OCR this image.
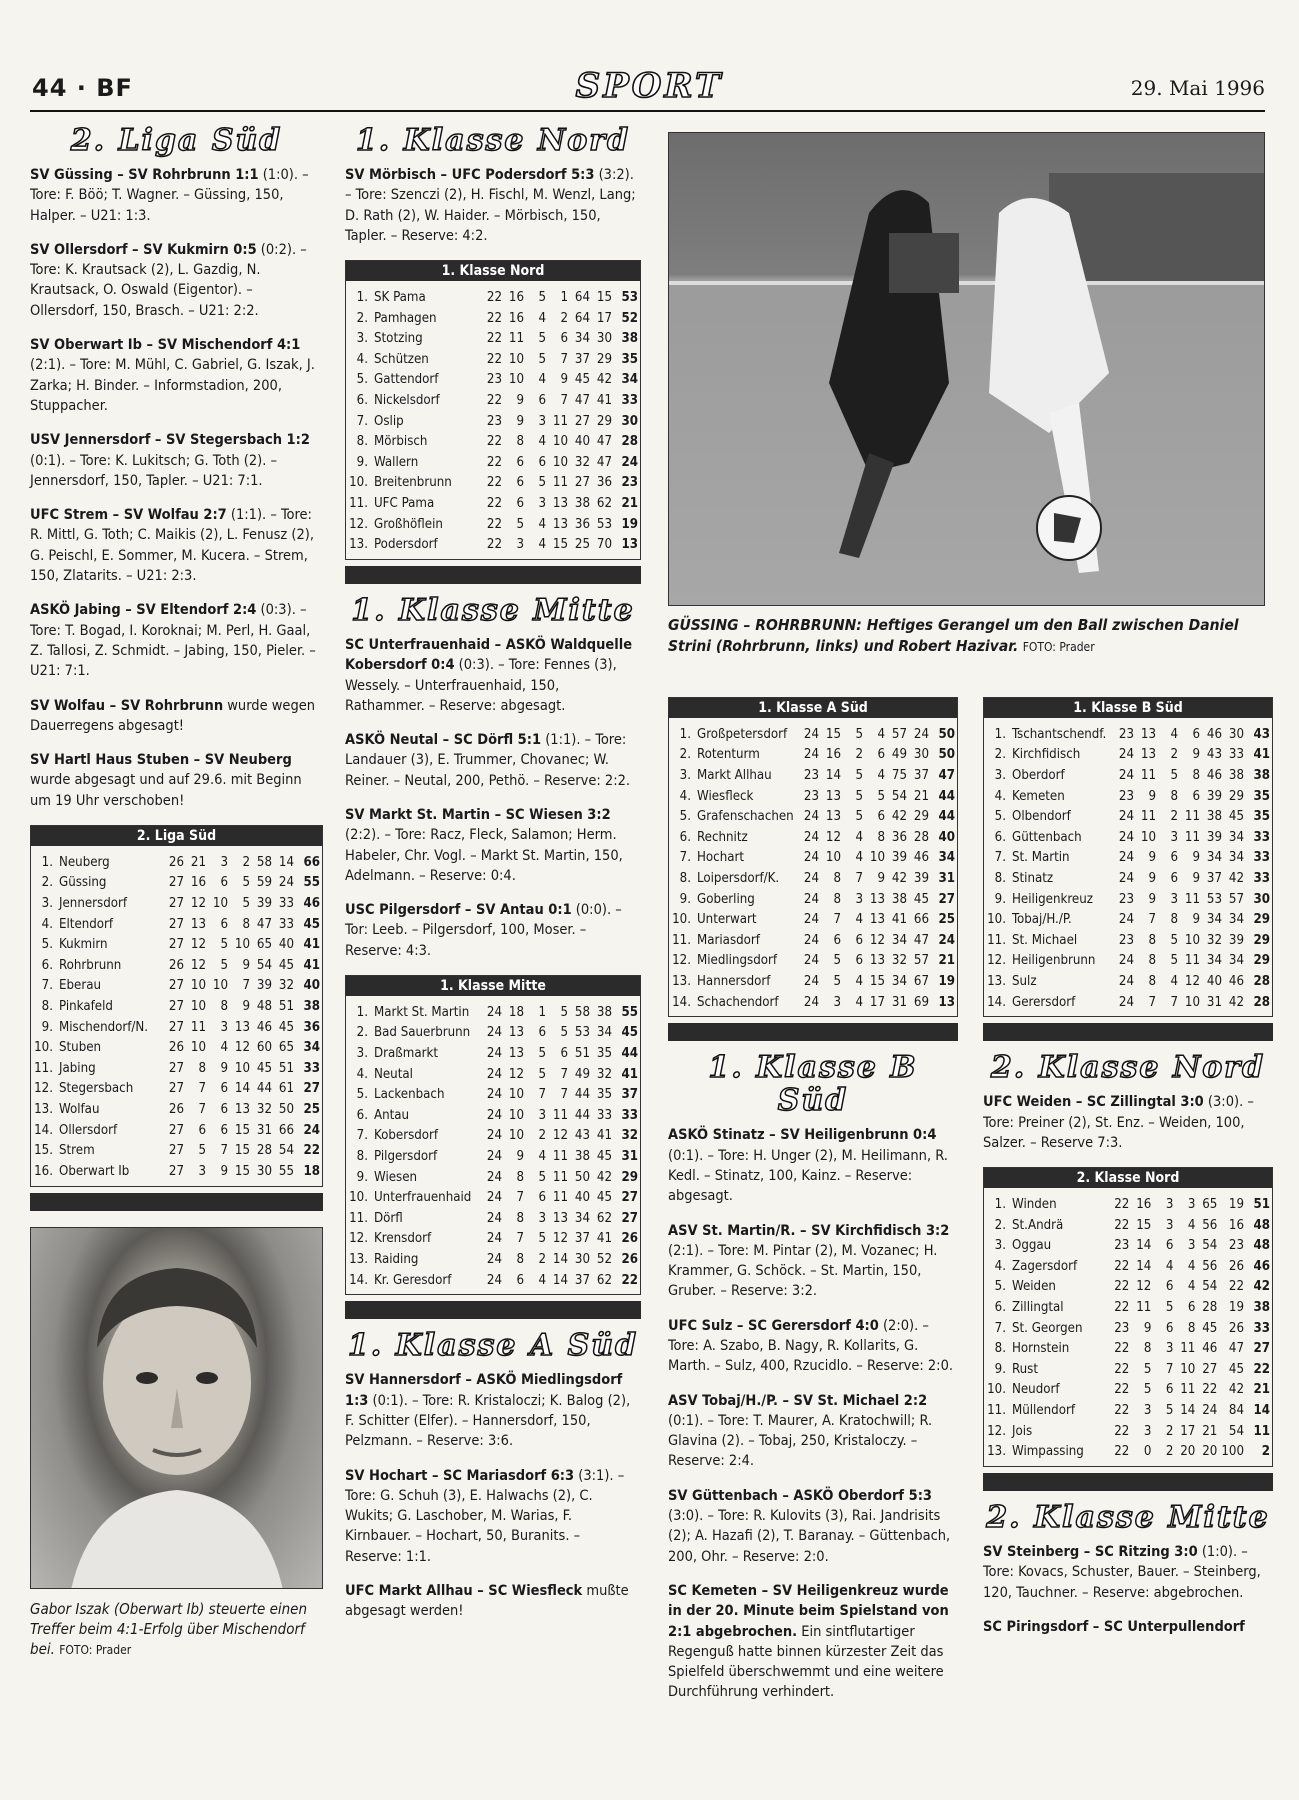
44 · BF	SPORT	29. Mai 1996
2. Liga Süd

SV Güssing – SV Rohrbrunn 1:1 (1:0). – Tore: F. Böö; T. Wagner. – Güssing, 150, Halper. – U21: 1:3.

SV Ollersdorf – SV Kukmirn 0:5 (0:2). – Tore: K. Krautsack (2), L. Gazdig, N. Krautsack, O. Oswald (Eigentor). – Ollersdorf, 150, Brasch. – U21: 2:2.

SV Oberwart Ib – SV Mischendorf 4:1 (2:1). – Tore: M. Mühl, C. Gabriel, G. Iszak, J. Zarka; H. Binder. – Informstadion, 200, Stuppacher.

USV Jennersdorf – SV Stegersbach 1:2 (0:1). – Tore: K. Lukitsch; G. Toth (2). – Jennersdorf, 150, Tapler. – U21: 7:1.

UFC Strem – SV Wolfau 2:7 (1:1). – Tore: R. Mittl, G. Toth; C. Maikis (2), L. Fenusz (2), G. Peischl, E. Sommer, M. Kucera. – Strem, 150, Zlatarits. – U21: 2:3.

ASKÖ Jabing – SV Eltendorf 2:4 (0:3). – Tore: T. Bogad, I. Koroknai; M. Perl, H. Gaal, Z. Tallosi, Z. Schmidt. – Jabing, 150, Pieler. – U21: 7:1.

SV Wolfau – SV Rohrbrunn wurde wegen Dauerregens abgesagt!

SV Hartl Haus Stuben – SV Neuberg wurde abgesagt und auf 29.6. mit Beginn um 19 Uhr verschoben!

2. Liga Süd
1.	Neuberg	26	21	3	2	58	14	66
2.	Güssing	27	16	6	5	59	24	55
3.	Jennersdorf	27	12	10	5	39	33	46
4.	Eltendorf	27	13	6	8	47	33	45
5.	Kukmirn	27	12	5	10	65	40	41
6.	Rohrbrunn	26	12	5	9	54	45	41
7.	Eberau	27	10	10	7	39	32	40
8.	Pinkafeld	27	10	8	9	48	51	38
9.	Mischendorf/N.	27	11	3	13	46	45	36
10.	Stuben	26	10	4	12	60	65	34
11.	Jabing	27	8	9	10	45	51	33
12.	Stegersbach	27	7	6	14	44	61	27
13.	Wolfau	26	7	6	13	32	50	25
14.	Ollersdorf	27	6	6	15	31	66	24
15.	Strem	27	5	7	15	28	54	22
16.	Oberwart Ib	27	3	9	15	30	55	18
Gabor Iszak (Oberwart Ib) steuerte einen Treffer beim 4:1-Erfolg über Mischendorf bei. FOTO: Prader
1. Klasse Nord

SV Mörbisch – UFC Podersdorf 5:3 (3:2). – Tore: Szenczi (2), H. Fischl, M. Wenzl, Lang; D. Rath (2), W. Haider. – Mörbisch, 150, Tapler. – Reserve: 4:2.

1. Klasse Nord
1.	SK Pama	22	16	5	1	64	15	53
2.	Pamhagen	22	16	4	2	64	17	52
3.	Stotzing	22	11	5	6	34	30	38
4.	Schützen	22	10	5	7	37	29	35
5.	Gattendorf	23	10	4	9	45	42	34
6.	Nickelsdorf	22	9	6	7	47	41	33
7.	Oslip	23	9	3	11	27	29	30
8.	Mörbisch	22	8	4	10	40	47	28
9.	Wallern	22	6	6	10	32	47	24
10.	Breitenbrunn	22	6	5	11	27	36	23
11.	UFC Pama	22	6	3	13	38	62	21
12.	Großhöflein	22	5	4	13	36	53	19
13.	Podersdorf	22	3	4	15	25	70	13
1. Klasse Mitte

SC Unterfrauenhaid – ASKÖ Waldquelle Kobersdorf 0:4 (0:3). – Tore: Fennes (3), Wessely. – Unterfrauenhaid, 150, Rathammer. – Reserve: abgesagt.

ASKÖ Neutal – SC Dörfl 5:1 (1:1). – Tore: Landauer (3), E. Trummer, Chovanec; W. Reiner. – Neutal, 200, Pethö. – Reserve: 2:2.

SV Markt St. Martin – SC Wiesen 3:2 (2:2). – Tore: Racz, Fleck, Salamon; Herm. Habeler, Chr. Vogl. – Markt St. Martin, 150, Adelmann. – Reserve: 0:4.

USC Pilgersdorf – SV Antau 0:1 (0:0). – Tor: Leeb. – Pilgersdorf, 100, Moser. – Reserve: 4:3.

1. Klasse Mitte
1.	Markt St. Martin	24	18	1	5	58	38	55
2.	Bad Sauerbrunn	24	13	6	5	53	34	45
3.	Draßmarkt	24	13	5	6	51	35	44
4.	Neutal	24	12	5	7	49	32	41
5.	Lackenbach	24	10	7	7	44	35	37
6.	Antau	24	10	3	11	44	33	33
7.	Kobersdorf	24	10	2	12	43	41	32
8.	Pilgersdorf	24	9	4	11	38	45	31
9.	Wiesen	24	8	5	11	50	42	29
10.	Unterfrauenhaid	24	7	6	11	40	45	27
11.	Dörfl	24	8	3	13	34	62	27
12.	Krensdorf	24	7	5	12	37	41	26
13.	Raiding	24	8	2	14	30	52	26
14.	Kr. Geresdorf	24	6	4	14	37	62	22
1. Klasse A Süd

SV Hannersdorf – ASKÖ Miedlingsdorf 1:3 (0:1). – Tore: R. Kristaloczi; K. Balog (2), F. Schitter (Elfer). – Hannersdorf, 150, Pelzmann. – Reserve: 3:6.

SV Hochart – SC Mariasdorf 6:3 (3:1). – Tore: G. Schuh (3), E. Halwachs (2), C. Wukits; G. Laschober, M. Warias, F. Kirnbauer. – Hochart, 50, Buranits. – Reserve: 1:1.

UFC Markt Allhau – SC Wiesfleck mußte abgesagt werden!

GÜSSING – ROHRBRUNN: Heftiges Gerangel um den Ball zwischen Daniel Strini (Rohrbrunn, links) und Robert Hazivar. FOTO: Prader
1. Klasse A Süd
1.	Großpetersdorf	24	15	5	4	57	24	50
2.	Rotenturm	24	16	2	6	49	30	50
3.	Markt Allhau	23	14	5	4	75	37	47
4.	Wiesfleck	23	13	5	5	54	21	44
5.	Grafenschachen	24	13	5	6	42	29	44
6.	Rechnitz	24	12	4	8	36	28	40
7.	Hochart	24	10	4	10	39	46	34
8.	Loipersdorf/K.	24	8	7	9	42	39	31
9.	Goberling	24	8	3	13	38	45	27
10.	Unterwart	24	7	4	13	41	66	25
11.	Mariasdorf	24	6	6	12	34	47	24
12.	Miedlingsdorf	24	5	6	13	32	57	21
13.	Hannersdorf	24	5	4	15	34	67	19
14.	Schachendorf	24	3	4	17	31	69	13
1. Klasse B Süd

ASKÖ Stinatz – SV Heiligenbrunn 0:4 (0:1). – Tore: H. Unger (2), M. Heilimann, R. Kedl. – Stinatz, 100, Kainz. – Reserve: abgesagt.

ASV St. Martin/R. – SV Kirchfidisch 3:2 (2:1). – Tore: M. Pintar (2), M. Vozanec; H. Krammer, G. Schöck. – St. Martin, 150, Gruber. – Reserve: 3:2.

UFC Sulz – SC Gerersdorf 4:0 (2:0). – Tore: A. Szabo, B. Nagy, R. Kollarits, G. Marth. – Sulz, 400, Rzucidlo. – Reserve: 2:0.

ASV Tobaj/H./P. – SV St. Michael 2:2 (0:1). – Tore: T. Maurer, A. Kratochwill; R. Glavina (2). – Tobaj, 250, Kristaloczy. – Reserve: 2:4.

SV Güttenbach – ASKÖ Oberdorf 5:3 (3:0). – Tore: R. Kulovits (3), Rai. Jandrisits (2); A. Hazafi (2), T. Baranay. – Güttenbach, 200, Ohr. – Reserve: 2:0.

SC Kemeten – SV Heiligenkreuz wurde in der 20. Minute beim Spielstand von 2:1 abgebrochen. Ein sintflutartiger Regenguß hatte binnen kürzester Zeit das Spielfeld überschwemmt und eine weitere Durchführung verhindert.

1. Klasse B Süd
1.	Tschantschendf.	23	13	4	6	46	30	43
2.	Kirchfidisch	24	13	2	9	43	33	41
3.	Oberdorf	24	11	5	8	46	38	38
4.	Kemeten	23	9	8	6	39	29	35
5.	Olbendorf	24	11	2	11	38	45	35
6.	Güttenbach	24	10	3	11	39	34	33
7.	St. Martin	24	9	6	9	34	34	33
8.	Stinatz	24	9	6	9	37	42	33
9.	Heiligenkreuz	23	9	3	11	53	57	30
10.	Tobaj/H./P.	24	7	8	9	34	34	29
11.	St. Michael	23	8	5	10	32	39	29
12.	Heiligenbrunn	24	8	5	11	34	34	29
13.	Sulz	24	8	4	12	40	46	28
14.	Gerersdorf	24	7	7	10	31	42	28
2. Klasse Nord

UFC Weiden – SC Zillingtal 3:0 (3:0). – Tore: Preiner (2), St. Enz. – Weiden, 100, Salzer. – Reserve 7:3.

2. Klasse Nord
1.	Winden	22	16	3	3	65	19	51
2.	St.Andrä	22	15	3	4	56	16	48
3.	Oggau	23	14	6	3	54	23	48
4.	Zagersdorf	22	14	4	4	56	26	46
5.	Weiden	22	12	6	4	54	22	42
6.	Zillingtal	22	11	5	6	28	19	38
7.	St. Georgen	23	9	6	8	45	26	33
8.	Hornstein	22	8	3	11	46	47	27
9.	Rust	22	5	7	10	27	45	22
10.	Neudorf	22	5	6	11	22	42	21
11.	Müllendorf	22	3	5	14	24	84	14
12.	Jois	22	3	2	17	21	54	11
13.	Wimpassing	22	0	2	20	20	100	2
2. Klasse Mitte

SV Steinberg – SC Ritzing 3:0 (1:0). – Tore: Kovacs, Schuster, Bauer. – Steinberg, 120, Tauchner. – Reserve: abgebrochen.

SC Piringsdorf – SC Unterpullendorf
